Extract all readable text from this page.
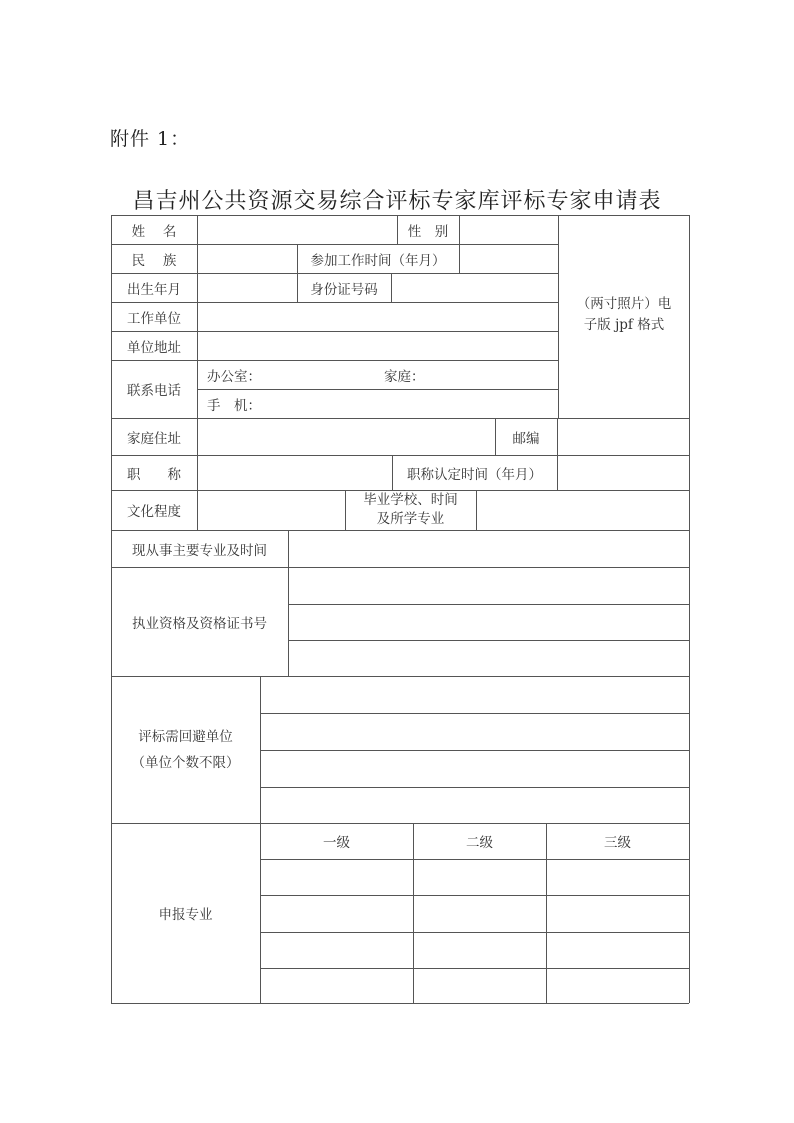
附件 1：
昌吉州公共资源交易综合评标专家库评标专家申请表
姓　 名	性　别
民　 族	参加工作时间（年月）
出生年月	身份证号码
工作单位
单位地址
联系电话
办公室：	家庭：
手　机：
（两寸照片）电
子版 jpf 格式
家庭住址	邮编
职　　称	职称认定时间（年月）
文化程度
毕业学校、时间
及所学专业
现从事主要专业及时间
执业资格及资格证书号
评标需回避单位
（单位个数不限）
申报专业
一级	二级	三级
